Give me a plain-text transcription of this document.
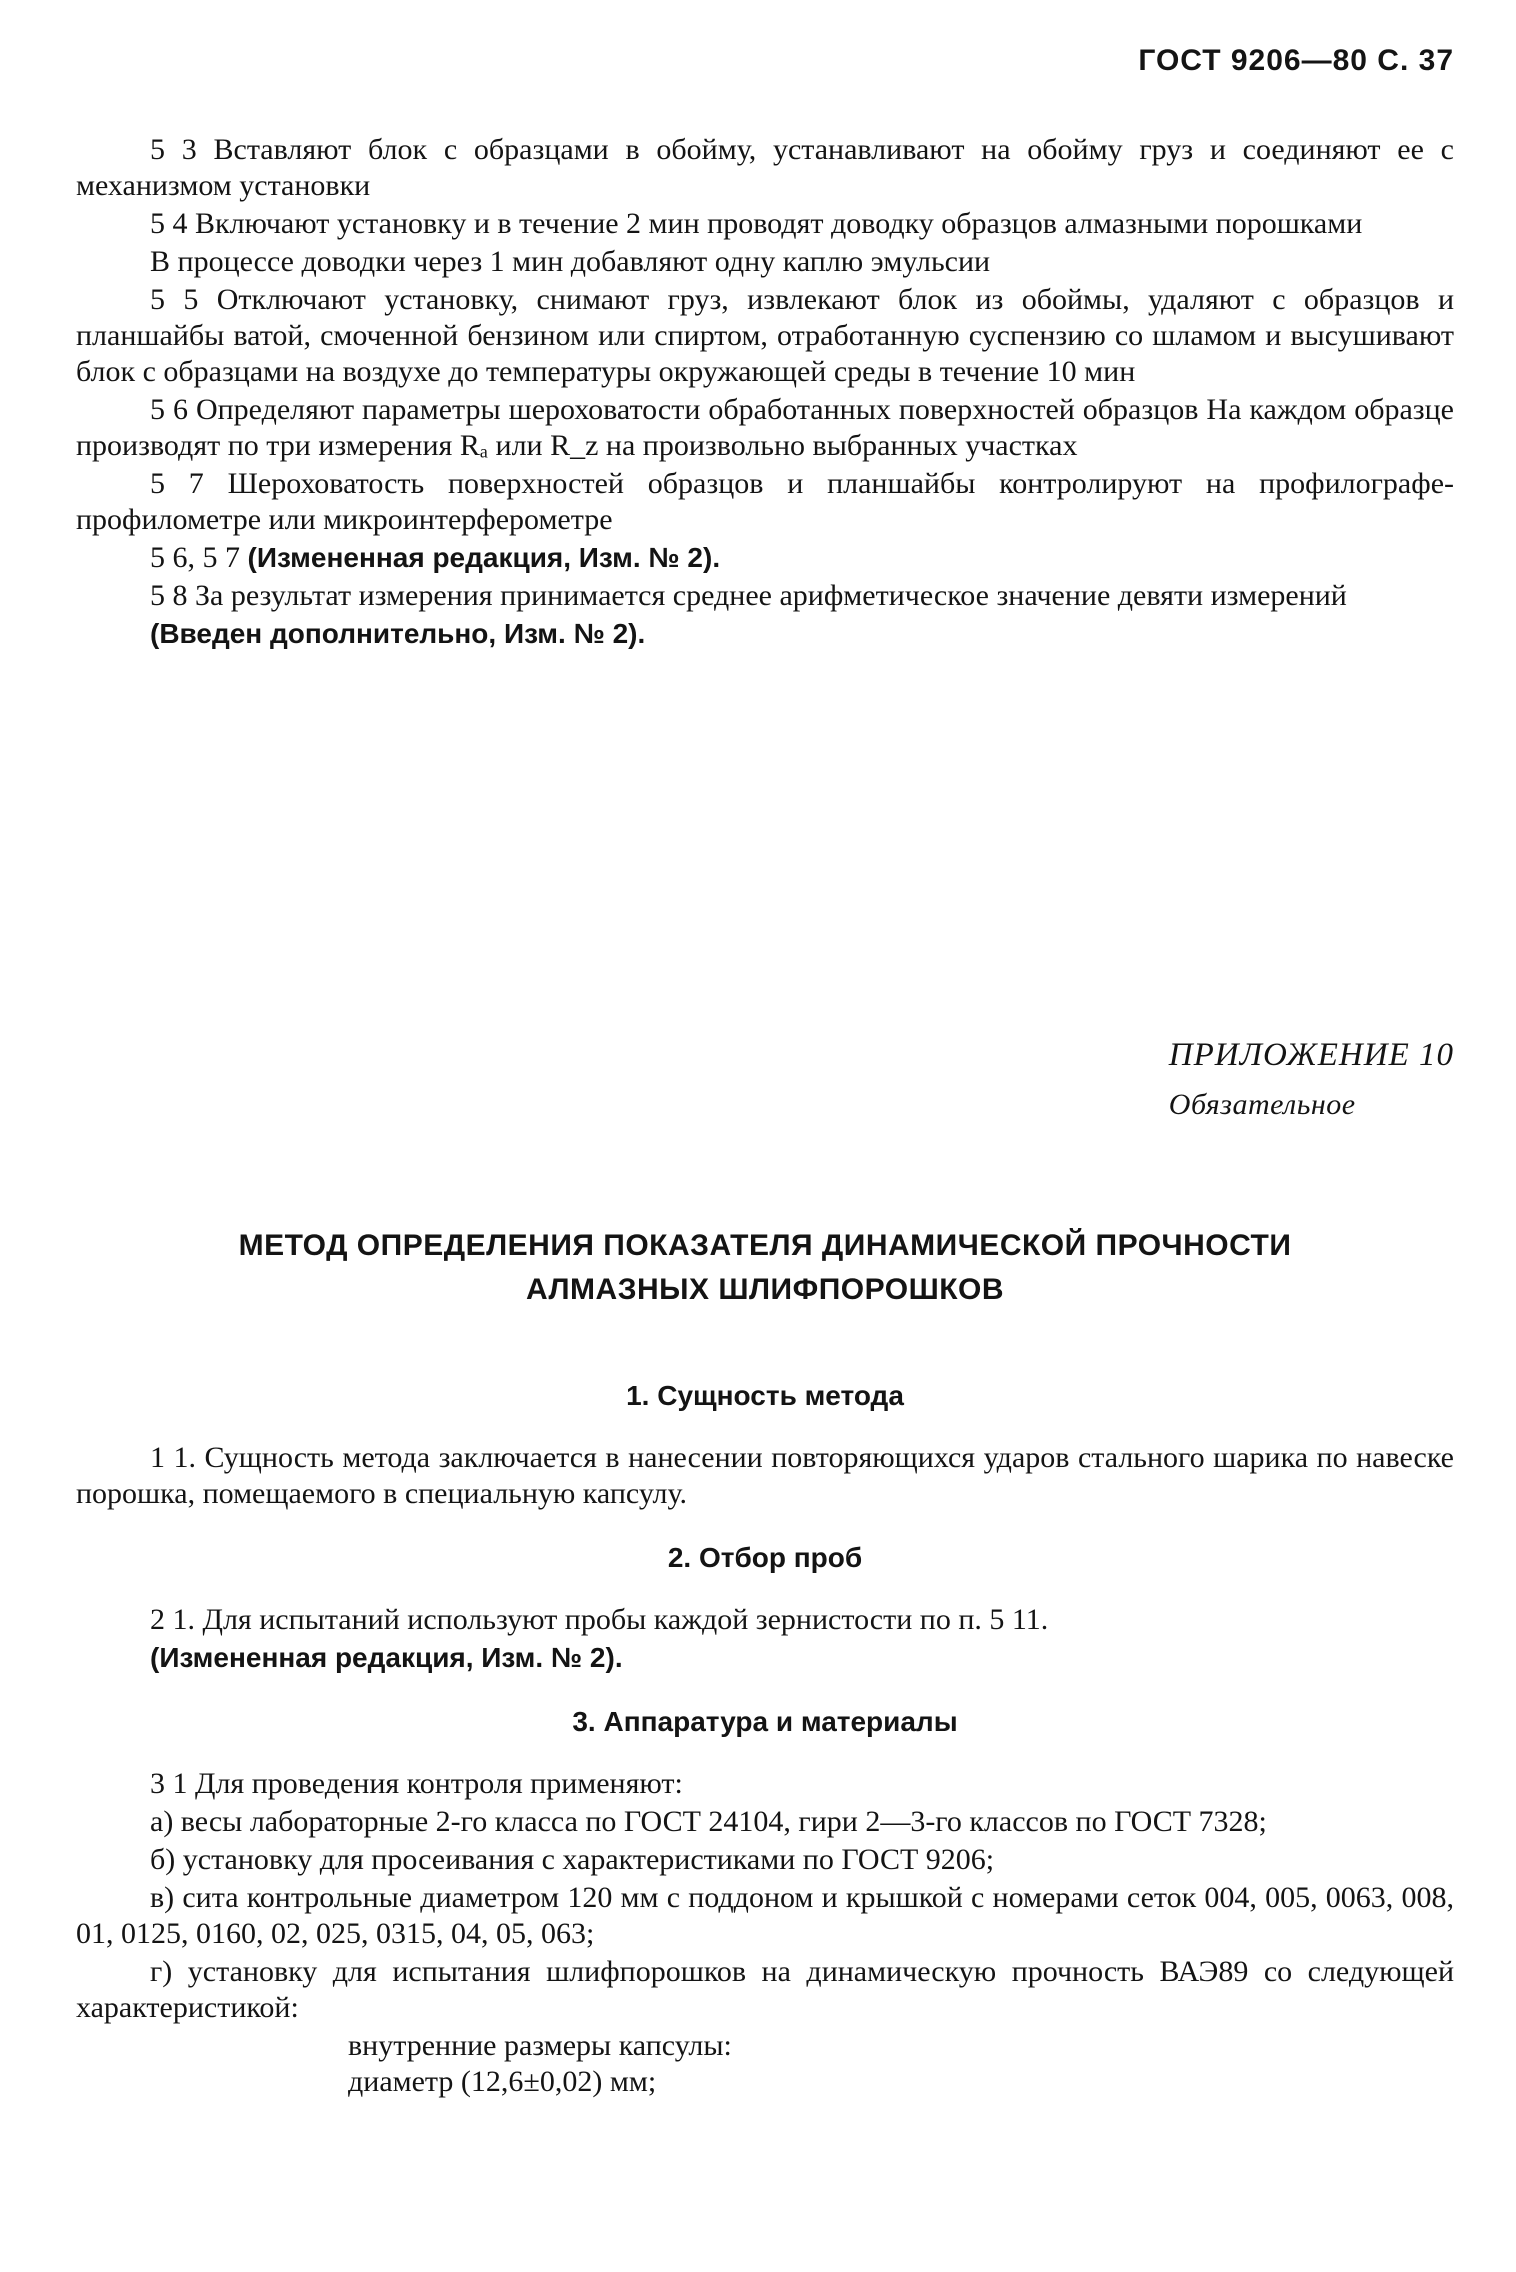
ГОСТ 9206—80 С. 37

5 3 Вставляют блок с образцами в обойму, устанавливают на обойму груз и соединяют ее с механизмом установки

5 4 Включают установку и в течение 2 мин проводят доводку образцов алмазными порошками

В процессе доводки через 1 мин добавляют одну каплю эмульсии

5 5 Отключают установку, снимают груз, извлекают блок из обоймы, удаляют с образцов и планшайбы ватой, смоченной бензином или спиртом, отработанную суспензию со шламом и высушивают блок с образцами на воздухе до температуры окружающей среды в течение 10 мин

5 6 Определяют параметры шероховатости обработанных поверхностей образцов На каждом образце производят по три измерения Rₐ или R_z на произвольно выбранных участках

5 7 Шероховатость поверхностей образцов и планшайбы контролируют на профилографе-профилометре или микроинтерферометре

5 6, 5 7 (Измененная редакция, Изм. № 2).

5 8 За результат измерения принимается среднее арифметическое значение девяти измерений

(Введен дополнительно, Изм. № 2).

ПРИЛОЖЕНИЕ 10
Обязательное
МЕТОД ОПРЕДЕЛЕНИЯ ПОКАЗАТЕЛЯ ДИНАМИЧЕСКОЙ ПРОЧНОСТИ
АЛМАЗНЫХ ШЛИФПОРОШКОВ

1. Сущность метода

1 1. Сущность метода заключается в нанесении повторяющихся ударов стального шарика по навеске порошка, помещаемого в специальную капсулу.

2. Отбор проб

2 1. Для испытаний используют пробы каждой зернистости по п. 5 11.

(Измененная редакция, Изм. № 2).

3. Аппаратура и материалы

3 1 Для проведения контроля применяют:

а) весы лабораторные 2-го класса по ГОСТ 24104, гири 2—3-го классов по ГОСТ 7328;

б) установку для просеивания с характеристиками по ГОСТ 9206;

в) сита контрольные диаметром 120 мм с поддоном и крышкой с номерами сеток 004, 005, 0063, 008, 01, 0125, 0160, 02, 025, 0315, 04, 05, 063;

г) установку для испытания шлифпорошков на динамическую прочность ВАЭ89 со следующей характеристикой:

внутренние размеры капсулы:

диаметр (12,6±0,02) мм;
